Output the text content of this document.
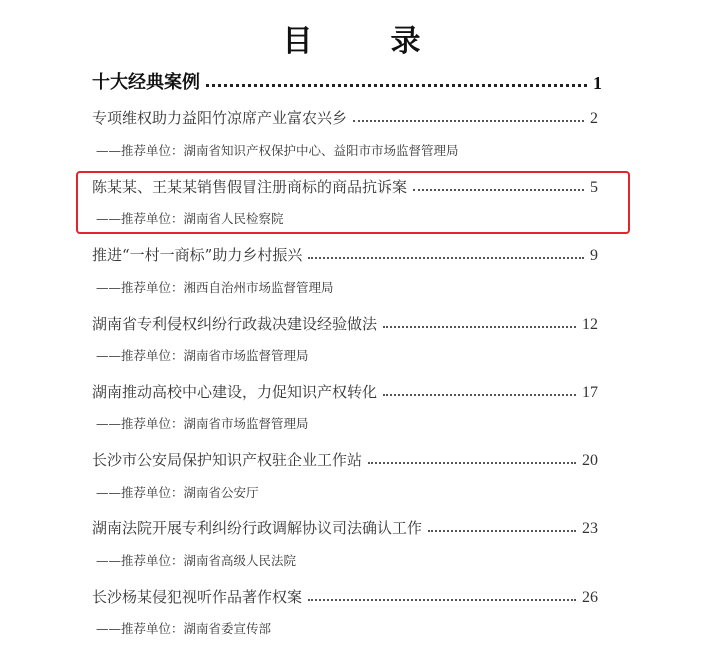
目　录
十大经典案例	1
专项维权助力益阳竹凉席产业富农兴乡	2
——推荐单位：湖南省知识产权保护中心、益阳市市场监督管理局
陈某某、王某某销售假冒注册商标的商品抗诉案	5
——推荐单位：湖南省人民检察院
推进“一村一商标”助力乡村振兴	9
——推荐单位：湘西自治州市场监督管理局
湖南省专利侵权纠纷行政裁决建设经验做法	12
——推荐单位：湖南省市场监督管理局
湖南推动高校中心建设，力促知识产权转化	17
——推荐单位：湖南省市场监督管理局
长沙市公安局保护知识产权驻企业工作站	20
——推荐单位：湖南省公安厅
湖南法院开展专利纠纷行政调解协议司法确认工作	23
——推荐单位：湖南省高级人民法院
长沙杨某侵犯视听作品著作权案	26
——推荐单位：湖南省委宣传部
